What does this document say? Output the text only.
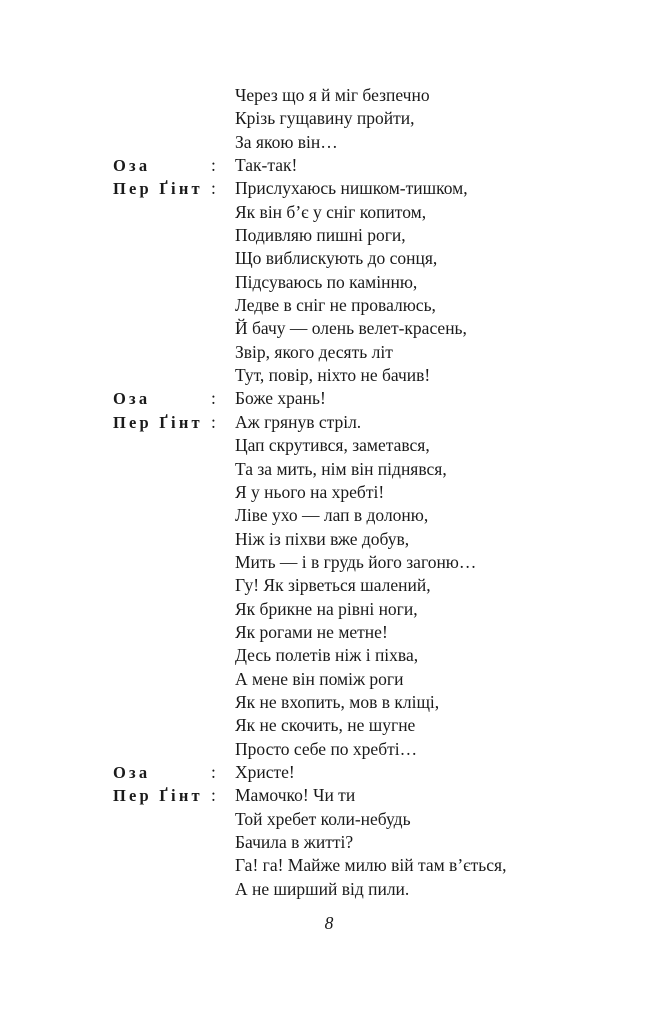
Через що я й міг безпечно
Крізь гущавину пройти,
За якою він…
Оза	: Так-так!
Пер Ґінт : Прислухаюсь нишком-тишком,
Як він б’є у сніг копитом,
Подивляю пишні роги,
Що виблискують до сонця,
Підсуваюсь по камінню,
Ледве в сніг не провалюсь,
Й бачу — олень велет-красень,
Звір, якого десять літ
Тут, повір, ніхто не бачив!
Оза	: Боже хрань!
Пер Ґінт : Аж грянув стріл.
Цап скрутився, заметався,
Та за мить, нім він піднявся,
Я у нього на хребті!
Ліве ухо — лап в долоню,
Ніж із піхви вже добув,
Мить — і в грудь його загоню…
Гу! Як зірветься шалений,
Як брикне на рівні ноги,
Як рогами не метне!
Десь полетів ніж і піхва,
А мене він поміж роги
Як не вхопить, мов в кліщі,
Як не скочить, не шугне
Просто себе по хребті…
Оза	: Христе!
Пер Ґінт : Мамочко! Чи ти
Той хребет коли-небудь
Бачила в житті?
Га! га! Майже милю вій там в’ється,
А не ширший від пили.
8
